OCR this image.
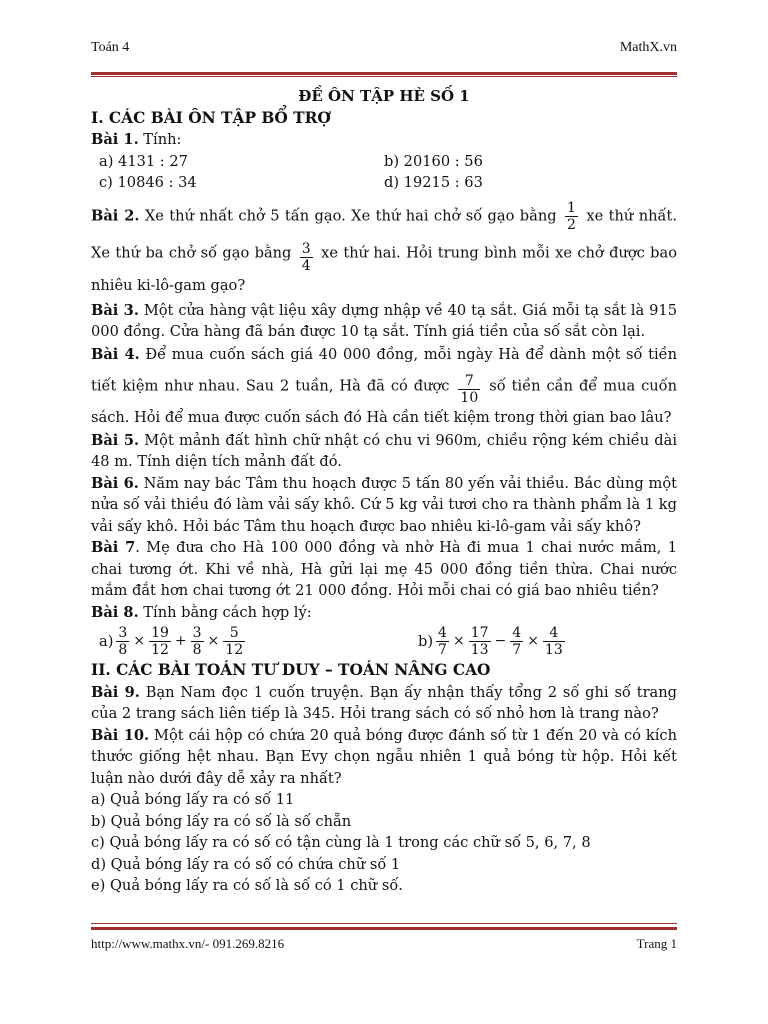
Toán 4	MathX.vn
ĐỀ ÔN TẬP HÈ SỐ 1
I. CÁC BÀI ÔN TẬP BỔ TRỢ

Bài 1. Tính:

a) 4131 : 27	b) 20160 : 56
c) 10846 : 34	d) 19215 : 63

Bài 2. Xe thứ nhất chở 5 tấn gạo. Xe thứ hai chở số gạo bằng $\frac{1}{2}$ xe thứ nhất. Xe thứ ba chở số gạo bằng $\frac{3}{4}$ xe thứ hai. Hỏi trung bình mỗi xe chở được bao nhiêu ki-lô-gam gạo?

Bài 3. Một cửa hàng vật liệu xây dựng nhập về 40 tạ sắt. Giá mỗi tạ sắt là 915 000 đồng. Cửa hàng đã bán được 10 tạ sắt. Tính giá tiền của số sắt còn lại.

Bài 4. Để mua cuốn sách giá 40 000 đồng, mỗi ngày Hà để dành một số tiền tiết kiệm như nhau. Sau 2 tuần, Hà đã có được $\frac{7}{10}$ số tiền cần để mua cuốn sách. Hỏi để mua được cuốn sách đó Hà cần tiết kiệm trong thời gian bao lâu?

Bài 5. Một mảnh đất hình chữ nhật có chu vi 960m, chiều rộng kém chiều dài 48 m. Tính diện tích mảnh đất đó.

Bài 6. Năm nay bác Tâm thu hoạch được 5 tấn 80 yến vải thiều. Bác dùng một nửa số vải thiều đó làm vải sấy khô. Cứ 5 kg vải tươi cho ra thành phẩm là 1 kg vải sấy khô. Hỏi bác Tâm thu hoạch được bao nhiêu ki-lô-gam vải sấy khô?

Bài 7. Mẹ đưa cho Hà 100 000 đồng và nhờ Hà đi mua 1 chai nước mắm, 1 chai tương ớt. Khi về nhà, Hà gửi lại mẹ 45 000 đồng tiền thừa. Chai nước mắm đắt hơn chai tương ớt 21 000 đồng. Hỏi mỗi chai có giá bao nhiêu tiền?

Bài 8. Tính bằng cách hợp lý:

$a) \frac{3}{8} \times \frac{19}{12} + \frac{3}{8} \times \frac{5}{12}$	$b) \frac{4}{7} \times \frac{17}{13} - \frac{4}{7} \times \frac{4}{13}$
II. CÁC BÀI TOÁN TƯ DUY – TOÁN NÂNG CAO

Bài 9. Bạn Nam đọc 1 cuốn truyện. Bạn ấy nhận thấy tổng 2 số ghi số trang của 2 trang sách liên tiếp là 345. Hỏi trang sách có số nhỏ hơn là trang nào?

Bài 10. Một cái hộp có chứa 20 quả bóng được đánh số từ 1 đến 20 và có kích thước giống hệt nhau. Bạn Evy chọn ngẫu nhiên 1 quả bóng từ hộp. Hỏi kết luận nào dưới đây dễ xảy ra nhất?

a) Quả bóng lấy ra có số 11
b) Quả bóng lấy ra có số là số chẵn
c) Quả bóng lấy ra có số có tận cùng là 1 trong các chữ số 5, 6, 7, 8
d) Quả bóng lấy ra có số có chứa chữ số 1
e) Quả bóng lấy ra có số là số có 1 chữ số.
http://www.mathx.vn/- 091.269.8216	Trang 1
